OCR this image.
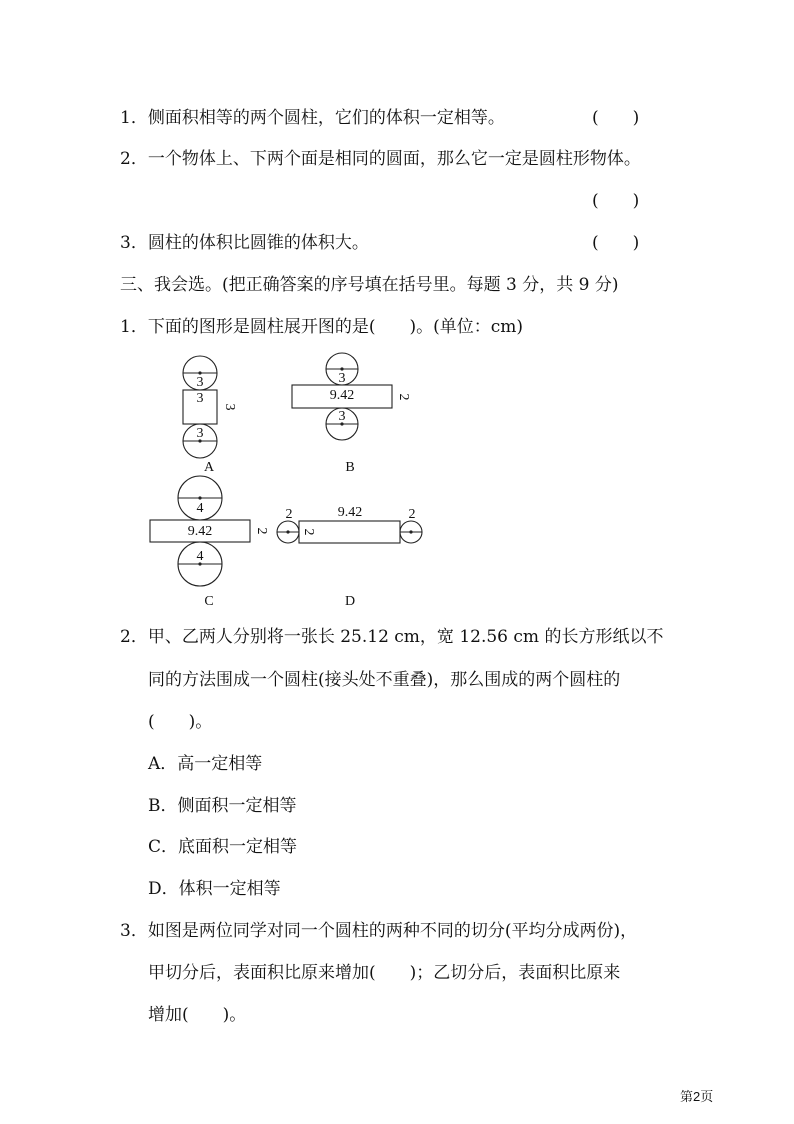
1．侧面积相等的两个圆柱，它们的体积一定相等。	(　　)
2．一个物体上、下两个面是相同的圆面，那么它一定是圆柱形物体。
(　　)
3．圆柱的体积比圆锥的体积大。	(　　)
三、我会选。(把正确答案的序号填在括号里。每题 3 分，共 9 分)
1．下面的图形是圆柱展开图的是(　　)。(单位：cm)
3
3
3
3
A
3
9.42	2
3
B
4
9.42	2
4
C
2	9.42
2
2
D
2．甲、乙两人分别将一张长 25.12 cm，宽 12.56 cm 的长方形纸以不
同的方法围成一个圆柱(接头处不重叠)，那么围成的两个圆柱的
(　　)。
A．高一定相等
B．侧面积一定相等
C．底面积一定相等
D．体积一定相等
3．如图是两位同学对同一个圆柱的两种不同的切分(平均分成两份)，
甲切分后，表面积比原来增加(　　)；乙切分后，表面积比原来
增加(　　)。
第2页
